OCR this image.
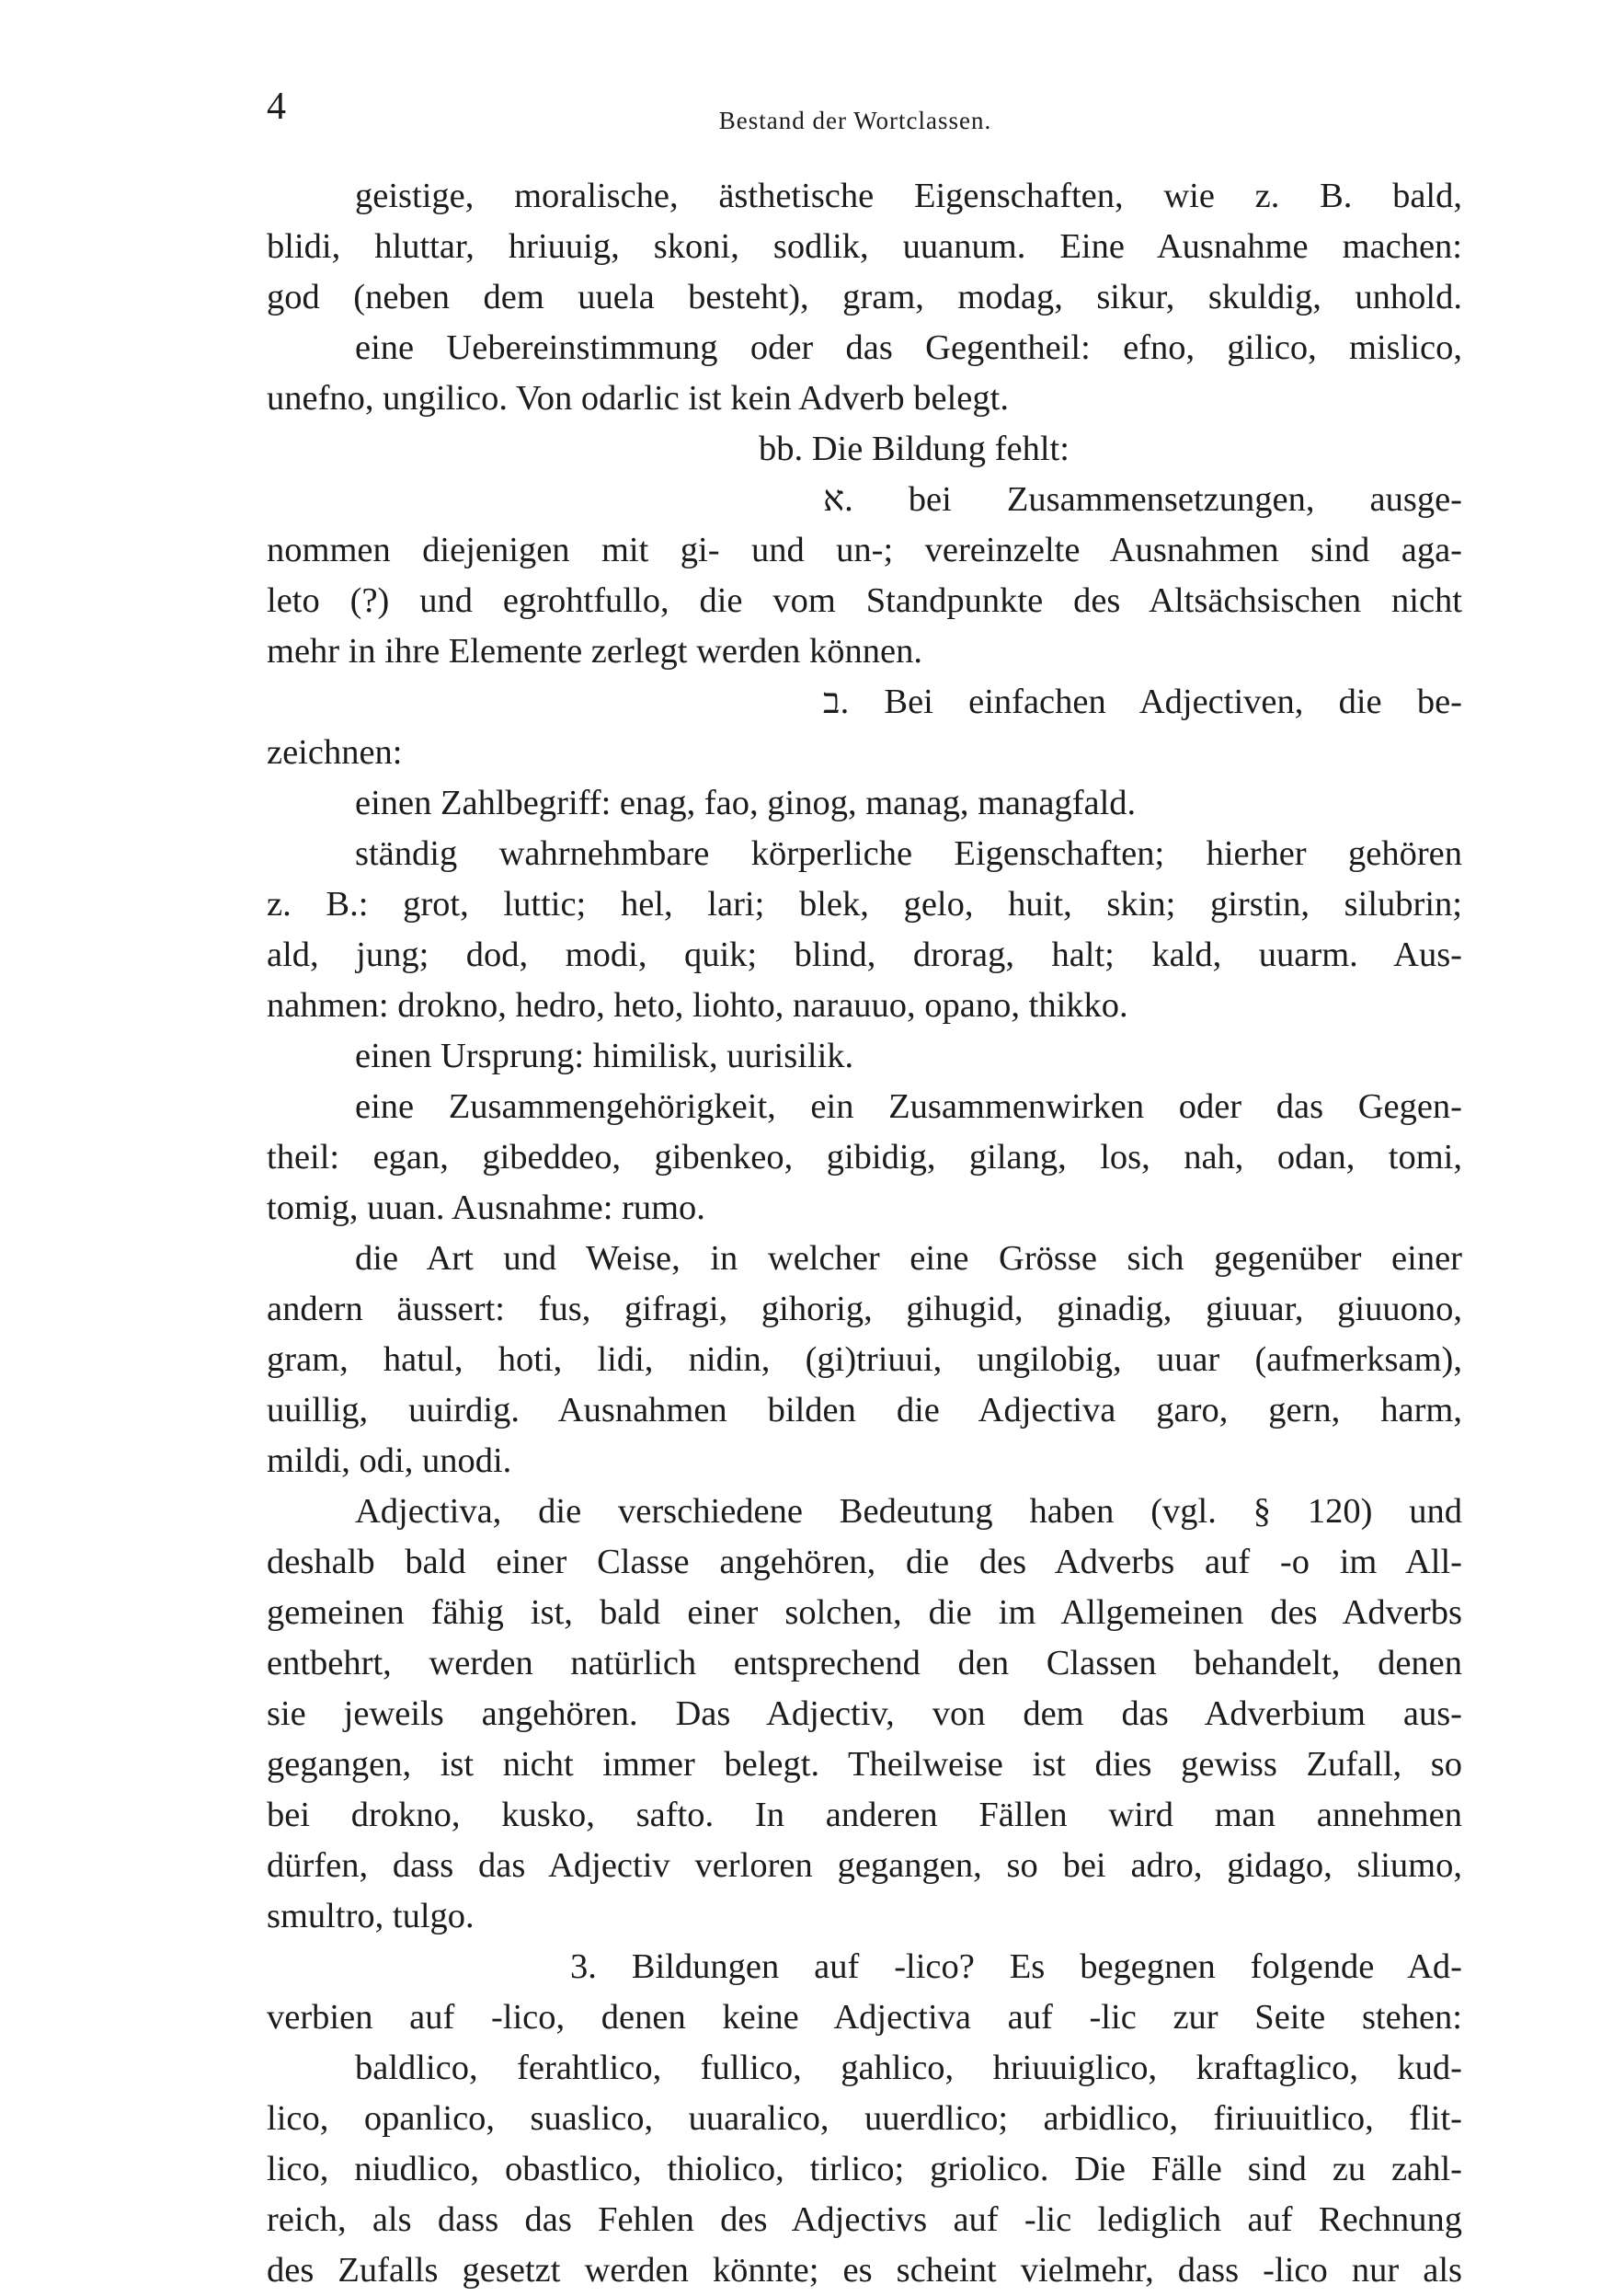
4	Bestand der Wortclassen.
geistige, moralische, ästhetische Eigenschaften, wie z. B. bald,
blidi, hluttar, hriuuig, skoni, sodlik, uuanum. Eine Ausnahme machen:
god (neben dem uuela besteht), gram, modag, sikur, skuldig, unhold.
eine Uebereinstimmung oder das Gegentheil: efno, gilico, mislico,
unefno, ungilico. Von odarlic ist kein Adverb belegt.
bb. Die Bildung fehlt:
א. bei Zusammensetzungen, ausge-
nommen diejenigen mit gi- und un-; vereinzelte Ausnahmen sind aga-
leto (?) und egrohtfullo, die vom Standpunkte des Altsächsischen nicht
mehr in ihre Elemente zerlegt werden können.
ב. Bei einfachen Adjectiven, die be-
zeichnen:
einen Zahlbegriff: enag, fao, ginog, manag, managfald.
ständig wahrnehmbare körperliche Eigenschaften; hierher gehören
z. B.: grot, luttic; hel, lari; blek, gelo, huit, skin; girstin, silubrin;
ald, jung; dod, modi, quik; blind, drorag, halt; kald, uuarm. Aus-
nahmen: drokno, hedro, heto, liohto, narauuo, opano, thikko.
einen Ursprung: himilisk, uurisilik.
eine Zusammengehörigkeit, ein Zusammenwirken oder das Gegen-
theil: egan, gibeddeo, gibenkeo, gibidig, gilang, los, nah, odan, tomi,
tomig, uuan. Ausnahme: rumo.
die Art und Weise, in welcher eine Grösse sich gegenüber einer
andern äussert: fus, gifragi, gihorig, gihugid, ginadig, giuuar, giuuono,
gram, hatul, hoti, lidi, nidin, (gi)triuui, ungilobig, uuar (aufmerksam),
uuillig, uuirdig. Ausnahmen bilden die Adjectiva garo, gern, harm,
mildi, odi, unodi.
Adjectiva, die verschiedene Bedeutung haben (vgl. § 120) und
deshalb bald einer Classe angehören, die des Adverbs auf -o im All-
gemeinen fähig ist, bald einer solchen, die im Allgemeinen des Adverbs
entbehrt, werden natürlich entsprechend den Classen behandelt, denen
sie jeweils angehören. Das Adjectiv, von dem das Adverbium aus-
gegangen, ist nicht immer belegt. Theilweise ist dies gewiss Zufall, so
bei drokno, kusko, safto. In anderen Fällen wird man annehmen
dürfen, dass das Adjectiv verloren gegangen, so bei adro, gidago, sliumo,
smultro, tulgo.
3. Bildungen auf -lico? Es begegnen folgende Ad-
verbien auf -lico, denen keine Adjectiva auf -lic zur Seite stehen:
baldlico, ferahtlico, fullico, gahlico, hriuuiglico, kraftaglico, kud-
lico, opanlico, suaslico, uuaralico, uuerdlico; arbidlico, firiuuitlico, flit-
lico, niudlico, obastlico, thiolico, tirlico; griolico. Die Fälle sind zu zahl-
reich, als dass das Fehlen des Adjectivs auf -lic lediglich auf Rechnung
des Zufalls gesetzt werden könnte; es scheint vielmehr, dass -lico nur als
